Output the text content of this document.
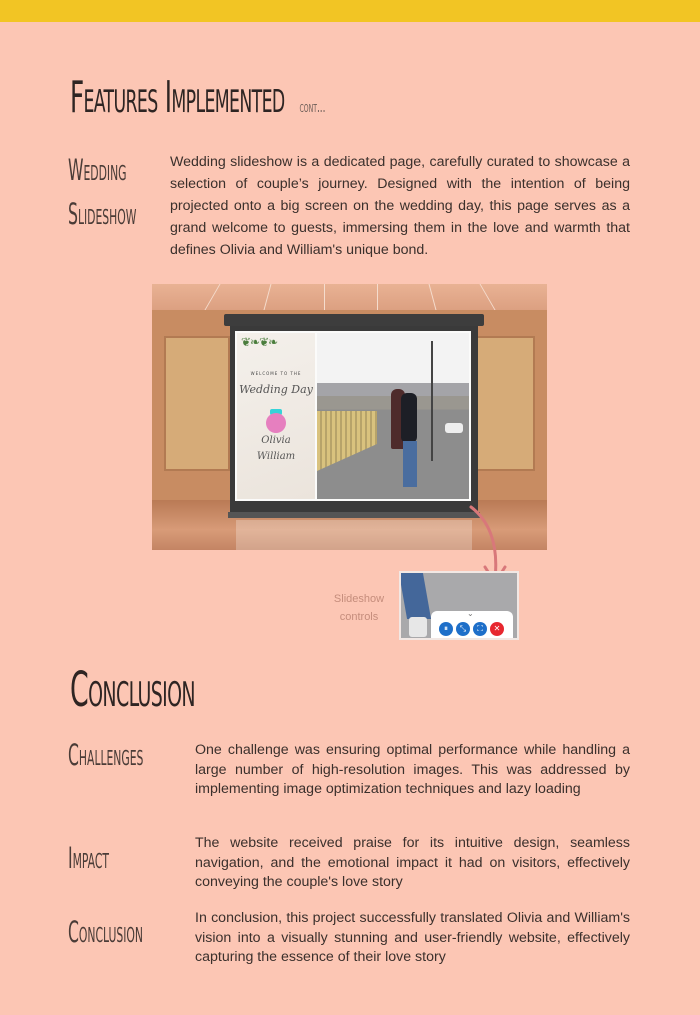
Features Implemented cont...
Wedding
Slideshow

Wedding slideshow is a dedicated page, carefully curated to showcase a selection of couple’s journey. Designed with the intention of being projected onto a big screen on the wedding day, this page serves as a grand welcome to guests, immersing them in the love and warmth that defines Olivia and William's unique bond.

❦❧❦❧
WELCOME TO THE
Wedding Day
Olivia
William
Slideshow controls	⌄
⏸	⤡	⛶	✕
Conclusion
Challenges	One challenge was ensuring optimal performance while handling a large number of high-resolution images. This was addressed by implementing image optimization techniques and lazy loading

Impact	The website received praise for its intuitive design, seamless navigation, and the emotional impact it had on visitors, effectively conveying the couple's love story

Conclusion	In conclusion, this project successfully translated Olivia and William's vision into a visually stunning and user-friendly website, effectively capturing the essence of their love story
